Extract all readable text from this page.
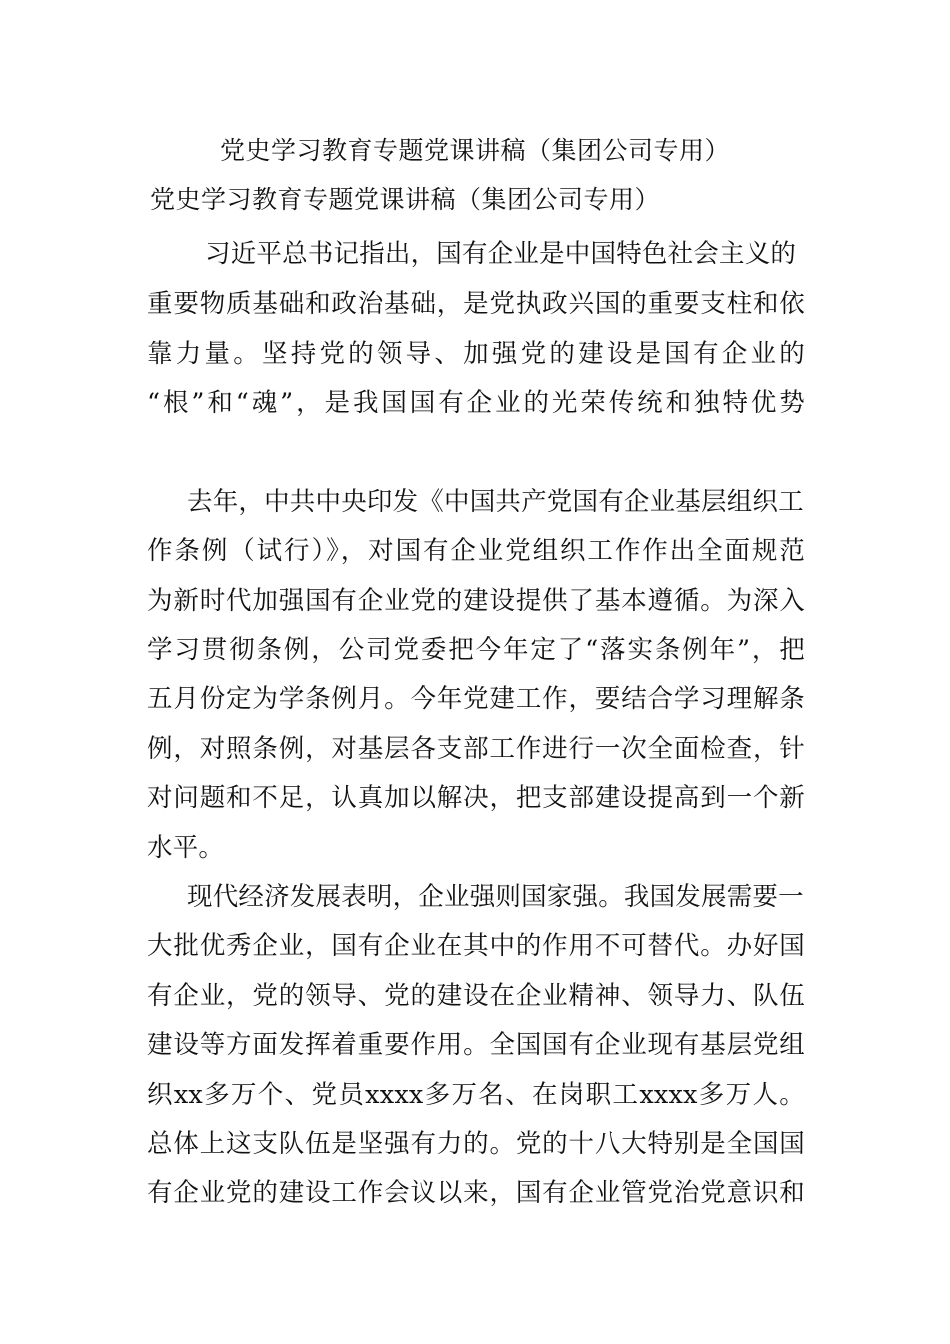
党史学习教育专题党课讲稿（集团公司专用）
党史学习教育专题党课讲稿（集团公司专用）
习近平总书记指出，国有企业是中国特色社会主义的
重要物质基础和政治基础，是党执政兴国的重要支柱和依
靠力量。坚持党的领导、加强党的建设是国有企业的
“根”和“魂”，是我国国有企业的光荣传统和独特优势
去年，中共中央印发《中国共产党国有企业基层组织工
作条例（试行）》，对国有企业党组织工作作出全面规范
为新时代加强国有企业党的建设提供了基本遵循。为深入
学习贯彻条例，公司党委把今年定了“落实条例年”，把
五月份定为学条例月。今年党建工作，要结合学习理解条
例，对照条例，对基层各支部工作进行一次全面检查，针
对问题和不足，认真加以解决，把支部建设提高到一个新
水平。
现代经济发展表明，企业强则国家强。我国发展需要一
大批优秀企业，国有企业在其中的作用不可替代。办好国
有企业，党的领导、党的建设在企业精神、领导力、队伍
建设等方面发挥着重要作用。全国国有企业现有基层党组
织xx多万个、党员xxxx多万名、在岗职工xxxx多万人。
总体上这支队伍是坚强有力的。党的十八大特别是全国国
有企业党的建设工作会议以来，国有企业管党治党意识和
